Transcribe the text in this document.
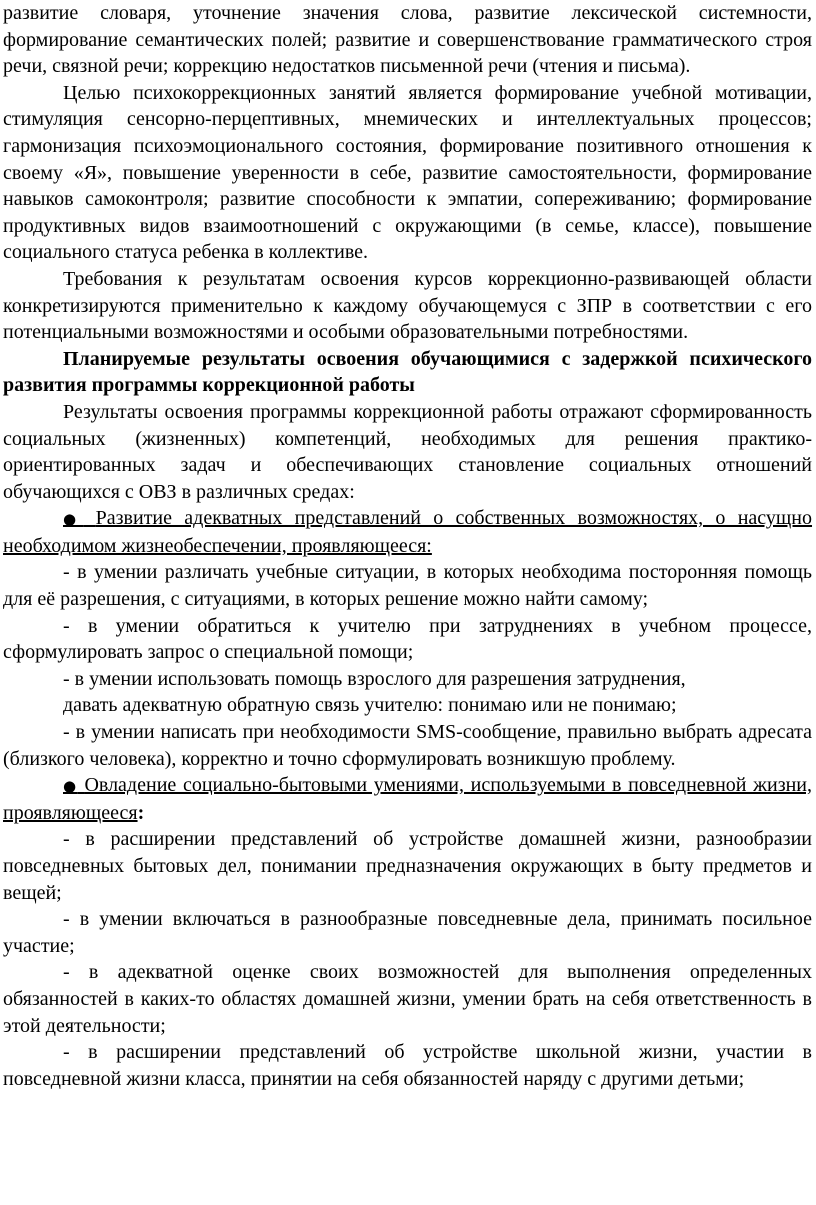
развитие словаря, уточнение значения слова, развитие лексической системности, формирование семантических полей; развитие и совершенствование грамматического строя речи, связной речи; коррекцию недостатков письменной речи (чтения и письма).

Целью психокоррекционных занятий является формирование учебной мотивации, стимуляция сенсорно-перцептивных, мнемических и интеллектуальных процессов; гармонизация психоэмоционального состояния, формирование позитивного отношения к своему «Я», повышение уверенности в себе, развитие самостоятельности, формирование навыков самоконтроля; развитие способности к эмпатии, сопереживанию; формирование продуктивных видов взаимоотношений с окружающими (в семье, классе), повышение социального статуса ребенка в коллективе.

Требования к результатам освоения курсов коррекционно-развивающей области конкретизируются применительно к каждому обучающемуся с ЗПР в соответствии с его потенциальными возможностями и особыми образовательными потребностями.

Планируемые результаты освоения обучающимися с задержкой психического развития программы коррекционной работы

Результаты освоения программы коррекционной работы отражают сформированность социальных (жизненных) компетенций, необходимых для решения практико-ориентированных задач и обеспечивающих становление социальных отношений обучающихся с ОВЗ в различных средах:

● Развитие адекватных представлений о собственных возможностях, о насущно необходимом жизнеобеспечении, проявляющееся:

- в умении различать учебные ситуации, в которых необходима посторонняя помощь для её разрешения, с ситуациями, в которых решение можно найти самому;

- в умении обратиться к учителю при затруднениях в учебном процессе, сформулировать запрос о специальной помощи;

- в умении использовать помощь взрослого для разрешения затруднения,

давать адекватную обратную связь учителю: понимаю или не понимаю;

- в умении написать при необходимости SMS-сообщение, правильно выбрать адресата (близкого человека), корректно и точно сформулировать возникшую проблему.

● Овладение социально-бытовыми умениями, используемыми в повседневной жизни, проявляющееся:

- в расширении представлений об устройстве домашней жизни, разнообразии повседневных бытовых дел, понимании предназначения окружающих в быту предметов и вещей;

- в умении включаться в разнообразные повседневные дела, принимать посильное участие;

- в адекватной оценке своих возможностей для выполнения определенных обязанностей в каких-то областях домашней жизни, умении брать на себя ответственность в этой деятельности;

- в расширении представлений об устройстве школьной жизни, участии в повседневной жизни класса, принятии на себя обязанностей наряду с другими детьми;
